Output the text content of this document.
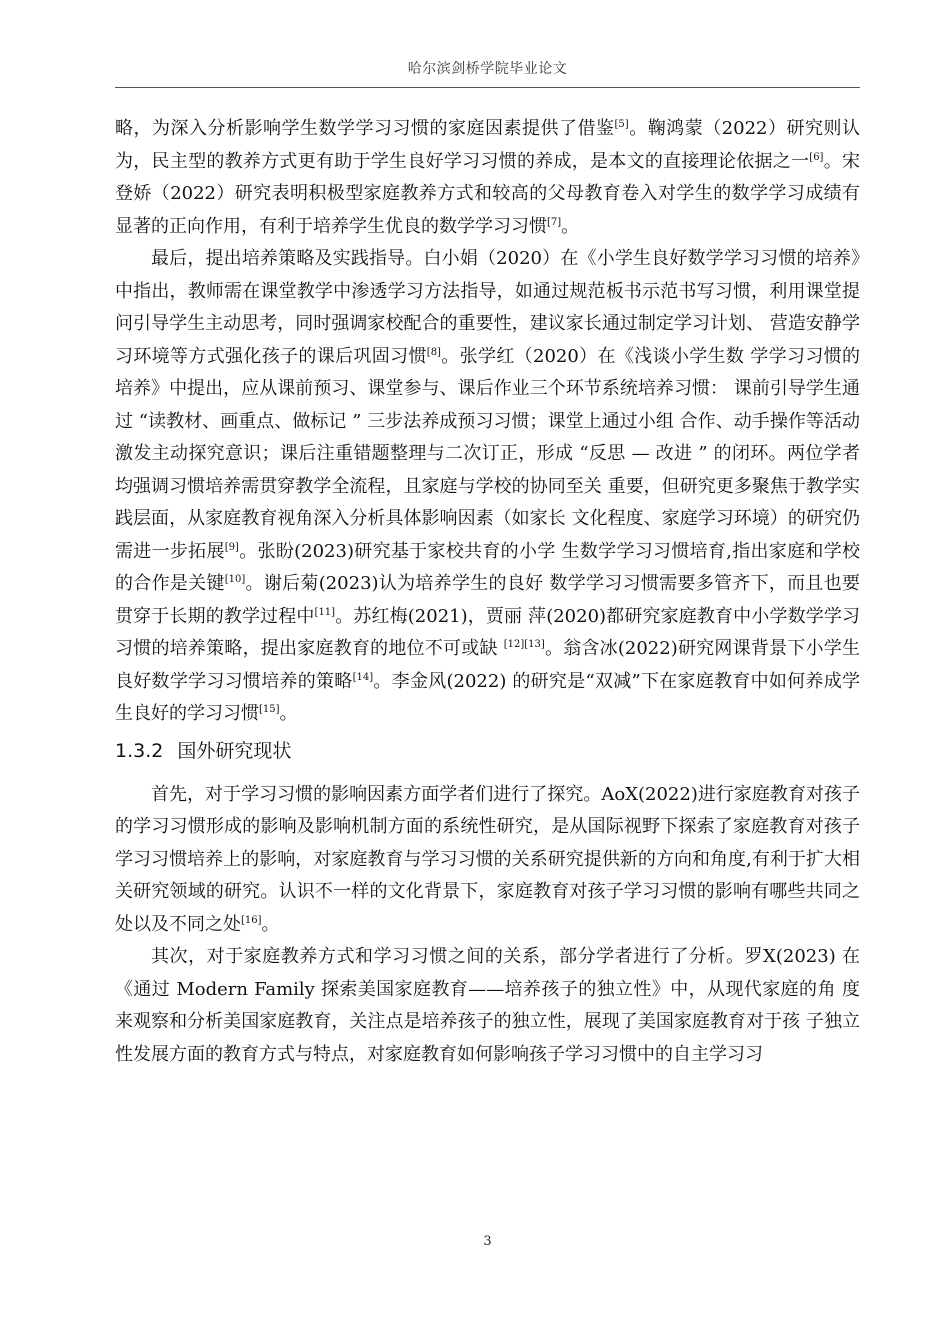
哈尔滨剑桥学院毕业论文

略，为深入分析影响学生数学学习习惯的家庭因素提供了借鉴[5]。鞠鸿蒙（2022）研究则认为，民主型的教养方式更有助于学生良好学习习惯的养成，是本文的直接理论依据之一[6]。宋登娇（2022）研究表明积极型家庭教养方式和较高的父母教育卷入对学生的数学学习成绩有显著的正向作用，有利于培养学生优良的数学学习习惯[7]。

最后，提出培养策略及实践指导。白小娟（2020）在《小学生良好数学学习习惯的培养》中指出，教师需在课堂教学中渗透学习方法指导，如通过规范板书示范书写习惯，利用课堂提问引导学生主动思考，同时强调家校配合的重要性，建议家长通过制定学习计划、 营造安静学习环境等方式强化孩子的课后巩固习惯[8]。张学红（2020）在《浅谈小学生数 学学习习惯的培养》中提出，应从课前预习、课堂参与、课后作业三个环节系统培养习惯： 课前引导学生通过 “读教材、画重点、做标记 ” 三步法养成预习习惯；课堂上通过小组 合作、动手操作等活动激发主动探究意识；课后注重错题整理与二次订正，形成 “反思 — 改进 ” 的闭环。两位学者均强调习惯培养需贯穿教学全流程，且家庭与学校的协同至关 重要，但研究更多聚焦于教学实践层面，从家庭教育视角深入分析具体影响因素（如家长 文化程度、家庭学习环境）的研究仍需进一步拓展[9]。张盼(2023)研究基于家校共育的小学 生数学学习习惯培育,指出家庭和学校的合作是关键[10]。谢后菊(2023)认为培养学生的良好 数学学习习惯需要多管齐下，而且也要贯穿于长期的教学过程中[11]。苏红梅(2021)，贾丽 萍(2020)都研究家庭教育中小学数学学习习惯的培养策略，提出家庭教育的地位不可或缺 [12][13]。翁含冰(2022)研究网课背景下小学生良好数学学习习惯培养的策略[14]。李金风(2022) 的研究是“双减”下在家庭教育中如何养成学生良好的学习习惯[15]。

1.3.2 国外研究现状

首先，对于学习习惯的影响因素方面学者们进行了探究。AoX(2022)进行家庭教育对孩子的学习习惯形成的影响及影响机制方面的系统性研究，是从国际视野下探索了家庭教育对孩子学习习惯培养上的影响，对家庭教育与学习习惯的关系研究提供新的方向和角度,有利于扩大相关研究领域的研究。认识不一样的文化背景下，家庭教育对孩子学习习惯的影响有哪些共同之处以及不同之处[16]。

其次，对于家庭教养方式和学习习惯之间的关系，部分学者进行了分析。罗X(2023) 在《通过 Modern Family 探索美国家庭教育——培养孩子的独立性》中，从现代家庭的角 度来观察和分析美国家庭教育，关注点是培养孩子的独立性，展现了美国家庭教育对于孩 子独立性发展方面的教育方式与特点，对家庭教育如何影响孩子学习习惯中的自主学习习

3
